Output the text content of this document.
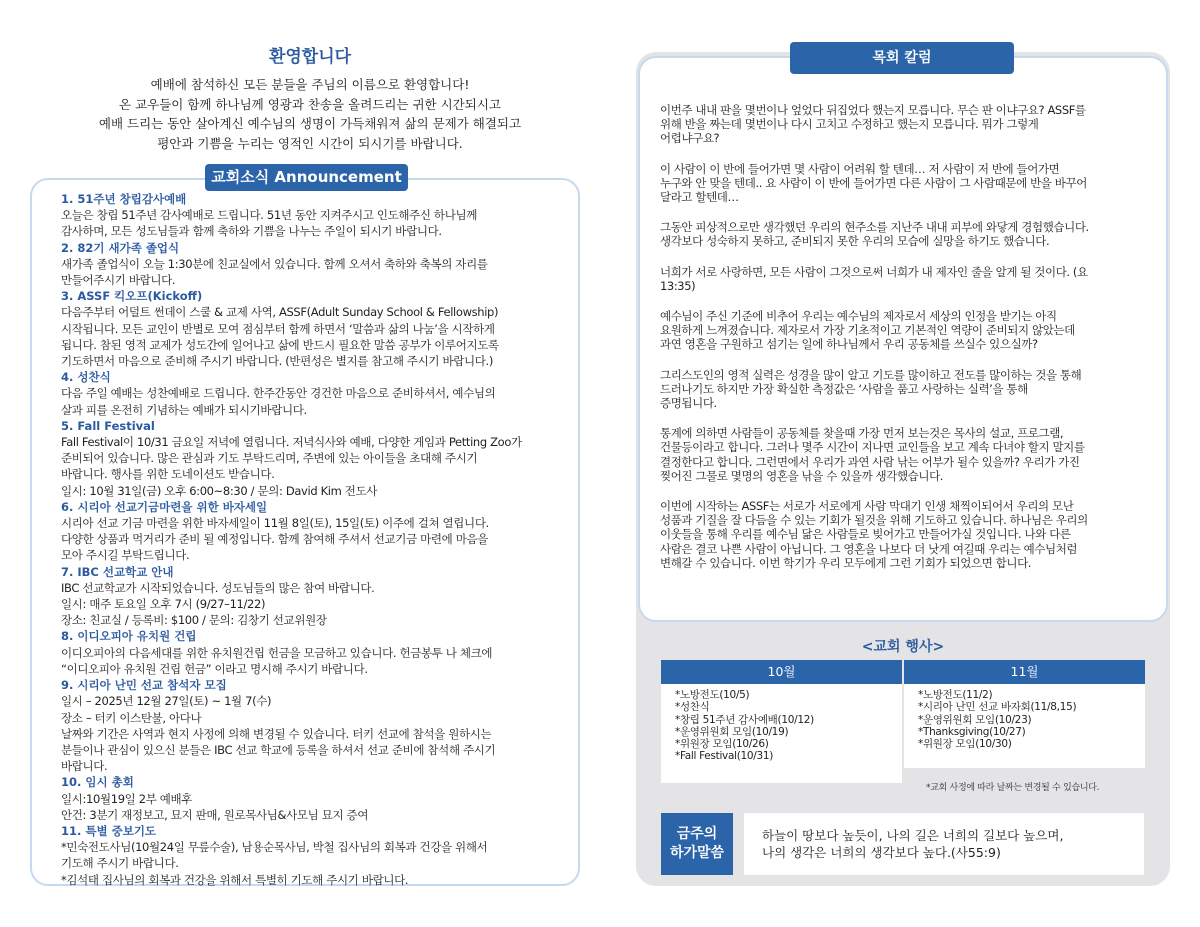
환영합니다
예배에 참석하신 모든 분들을 주님의 이름으로 환영합니다!
온 교우들이 함께 하나님께 영광과 찬송을 올려드리는 귀한 시간되시고
예배 드리는 동안 살아계신 예수님의 생명이 가득채워져 삶의 문제가 해결되고
평안과 기쁨을 누리는 영적인 시간이 되시기를 바랍니다.
교회소식 Announcement
1. 51주년 창립감사예배
오늘은 창립 51주년 감사예배로 드립니다. 51년 동안 지켜주시고 인도해주신 하나님께
감사하며, 모든 성도님들과 함께 축하와 기쁨을 나누는 주일이 되시기 바랍니다.
2. 82기 새가족 졸업식
새가족 졸업식이 오늘 1:30분에 친교실에서 있습니다. 함께 오셔서 축하와 축복의 자리를
만들어주시기 바랍니다.
3. ASSF 킥오프(Kickoff)
다음주부터 어덜트 썬데이 스쿨 & 교제 사역, ASSF(Adult Sunday School & Fellowship)
시작됩니다. 모든 교인이 반별로 모여 점심부터 함께 하면서 ‘말씀과 삶의 나눔’을 시작하게
됩니다. 참된 영적 교제가 성도간에 일어나고 삶에 반드시 필요한 말씀 공부가 이루어지도록
기도하면서 마음으로 준비해 주시기 바랍니다. (반편성은 별지를 참고해 주시기 바랍니다.)
4. 성찬식
다음 주일 예배는 성찬예배로 드립니다. 한주간동안 경건한 마음으로 준비하셔서, 예수님의
살과 피를 온전히 기념하는 예배가 되시기바랍니다.
5. Fall Festival
Fall Festival이 10/31 금요일 저녁에 열립니다. 저녁식사와 예배, 다양한 게임과 Petting Zoo가
준비되어 있습니다. 많은 관심과 기도 부탁드리며, 주변에 있는 아이들을 초대해 주시기
바랍니다. 행사를 위한 도네이션도 받습니다.
일시: 10월 31일(금) 오후 6:00~8:30 / 문의: David Kim 전도사
6. 시리아 선교기금마련을 위한 바자세일
시리아 선교 기금 마련을 위한 바자세일이 11월 8일(토), 15일(토) 이주에 걸쳐 열립니다.
다양한 상품과 먹거리가 준비 될 예정입니다. 함께 참여해 주셔서 선교기금 마련에 마음을
모아 주시길 부탁드립니다.
7. IBC 선교학교 안내
IBC 선교학교가 시작되었습니다. 성도님들의 많은 참여 바랍니다.
일시: 매주 토요일 오후 7시 (9/27–11/22)
장소: 친교실 / 등록비: $100 / 문의: 김창기 선교위원장
8. 이디오피아 유치원 건립
이디오피아의 다음세대를 위한 유치원건립 헌금을 모금하고 있습니다. 헌금봉투 나 체크에
“이디오피아 유치원 건립 헌금” 이라고 명시해 주시기 바랍니다.
9. 시리아 난민 선교 참석자 모집
일시 – 2025년 12월 27일(토) ~ 1월 7(수)
장소 – 터키 이스탄불, 아다나
날짜와 기간은 사역과 현지 사정에 의해 변경될 수 있습니다. 터키 선교에 참석을 원하시는
분들이나 관심이 있으신 분들은 IBC 선교 학교에 등록을 하셔서 선교 준비에 참석해 주시기
바랍니다.
10. 임시 총회
일시:10월19일 2부 예배후
안건: 3분기 재정보고, 묘지 판매, 원로목사님&사모님 묘지 증여
11. 특별 중보기도
*민숙전도사님(10월24일 무릎수술), 남용순목사님, 박철 집사님의 회복과 건강을 위해서
기도해 주시기 바랍니다.
*김석태 집사님의 회복과 건강을 위해서 특별히 기도해 주시기 바랍니다.
목회 칼럼
이번주 내내 판을 몇번이나 엎었다 뒤집었다 했는지 모릅니다. 무슨 판 이냐구요? ASSF를
위해 반을 짜는데 몇번이나 다시 고치고 수정하고 했는지 모릅니다. 뭐가 그렇게
어렵냐구요?
이 사람이 이 반에 들어가면 몇 사람이 어려워 할 텐데… 저 사람이 저 반에 들어가면
누구와 안 맞을 텐데.. 요 사람이 이 반에 들어가면 다른 사람이 그 사람때문에 반을 바꾸어
달라고 할텐데…
그동안 피상적으로만 생각했던 우리의 현주소를 지난주 내내 피부에 와닿게 경험했습니다.
생각보다 성숙하지 못하고, 준비되지 못한 우리의 모습에 실망을 하기도 했습니다.
너희가 서로 사랑하면, 모든 사람이 그것으로써 너희가 내 제자인 줄을 알게 될 것이다. (요
13:35)
예수님이 주신 기준에 비추어 우리는 예수님의 제자로서 세상의 인정을 받기는 아직
요원하게 느껴졌습니다. 제자로서 가장 기초적이고 기본적인 역량이 준비되지 않았는데
과연 영혼을 구원하고 섬기는 일에 하나님께서 우리 공동체를 쓰실수 있으실까?
그리스도인의 영적 실력은 성경을 많이 알고 기도를 많이하고 전도를 많이하는 것을 통해
드러나기도 하지만 가장 확실한 측정값은 ‘사람을 품고 사랑하는 실력’을 통해
증명됩니다.
통계에 의하면 사람들이 공동체를 찾을때 가장 먼저 보는것은 목사의 설교, 프로그램,
건물등이라고 합니다. 그러나 몇주 시간이 지나면 교인들을 보고 계속 다녀야 할지 말지를
결정한다고 합니다. 그런면에서 우리가 과연 사람 낚는 어부가 될수 있을까? 우리가 가진
찢어진 그물로 몇명의 영혼을 낚을 수 있을까 생각했습니다.
이번에 시작하는 ASSF는 서로가 서로에게 사람 막대기 인생 채찍이되어서 우리의 모난
성품과 기질을 잘 다듬을 수 있는 기회가 될것을 위해 기도하고 있습니다. 하나님은 우리의
이웃들을 통해 우리를 예수님 닮은 사람들로 빚어가고 만들어가실 것입니다. 나와 다른
사람은 결코 나쁜 사람이 아닙니다. 그 영혼을 나보다 더 낫게 여길때 우리는 예수님처럼
변해갈 수 있습니다. 이번 학기가 우리 모두에게 그런 기회가 되었으면 합니다.
<교회 행사>
10월
*노방전도(10/5)
*성찬식
*창립 51주년 감사예배(10/12)
*운영위원회 모임(10/19)
*위원장 모임(10/26)
*Fall Festival(10/31)
11월
*노방전도(11/2)
*시리아 난민 선교 바자회(11/8,15)
*운영위원회 모임(10/23)
*Thanksgiving(10/27)
*위원장 모임(10/30)
*교회 사정에 따라 날짜는 변경될 수 있습니다.
금주의
하가말씀
하늘이 땅보다 높듯이, 나의 길은 너희의 길보다 높으며,
나의 생각은 너희의 생각보다 높다.(사55:9)
